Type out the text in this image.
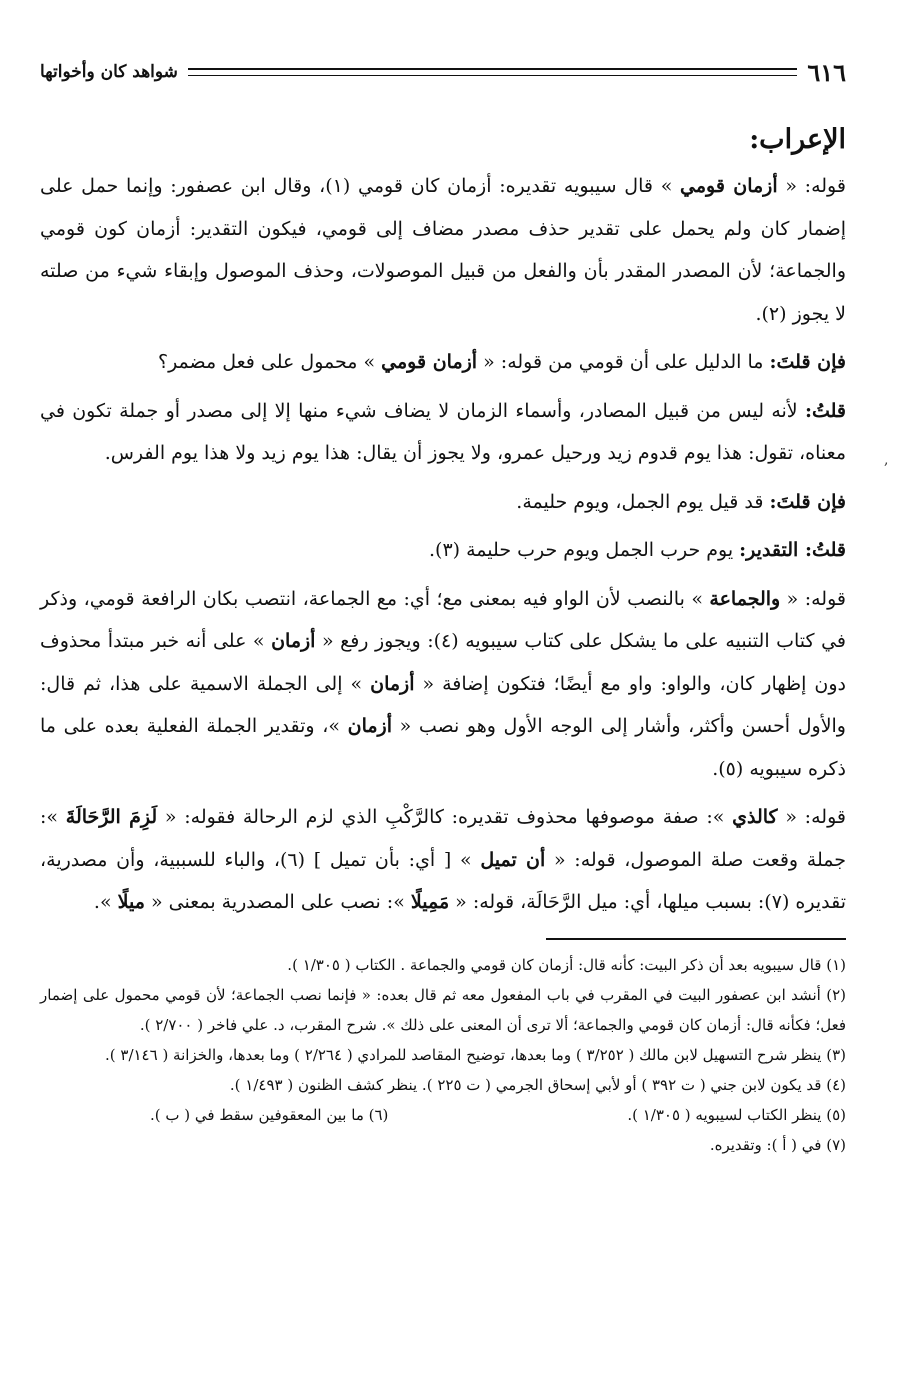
,
٦١٦
شواهد كان وأخواتها
الإعراب:

قوله: « أزمان قومي » قال سيبويه تقديره: أزمان كان قومي (١)، وقال ابن عصفور: وإنما حمل على إضمار كان ولم يحمل على تقدير حذف مصدر مضاف إلى قومي، فيكون التقدير: أزمان كون قومي والجماعة؛ لأن المصدر المقدر بأن والفعل من قبيل الموصولات، وحذف الموصول وإبقاء شيء من صلته لا يجوز (٢).

فإن قلتَ: ما الدليل على أن قومي من قوله: « أزمان قومي » محمول على فعل مضمر؟

قلتُ: لأنه ليس من قبيل المصادر، وأسماء الزمان لا يضاف شيء منها إلا إلى مصدر أو جملة تكون في معناه، تقول: هذا يوم قدوم زيد ورحيل عمرو، ولا يجوز أن يقال: هذا يوم زيد ولا هذا يوم الفرس.

فإن قلتَ: قد قيل يوم الجمل، ويوم حليمة.

قلتُ: التقدير: يوم حرب الجمل ويوم حرب حليمة (٣).

قوله: « والجماعة » بالنصب لأن الواو فيه بمعنى مع؛ أي: مع الجماعة، انتصب بكان الرافعة قومي، وذكر في كتاب التنبيه على ما يشكل على كتاب سيبويه (٤): ويجوز رفع « أزمان » على أنه خبر مبتدأ محذوف دون إظهار كان، والواو: واو مع أيضًا؛ فتكون إضافة « أزمان » إلى الجملة الاسمية على هذا، ثم قال: والأول أحسن وأكثر، وأشار إلى الوجه الأول وهو نصب « أزمان »، وتقدير الجملة الفعلية بعده على ما ذكره سيبويه (٥).

قوله: « كالذي »: صفة موصوفها محذوف تقديره: كالرَّكْبِ الذي لزم الرحالة فقوله: « لَزِمَ الرَّحَالَةَ »: جملة وقعت صلة الموصول، قوله: « أن تميل » [ أي: بأن تميل ] (٦)، والباء للسببية، وأن مصدرية، تقديره (٧): بسبب ميلها، أي: ميل الرَّحَالَة، قوله: « مَمِيلًا »: نصب على المصدرية بمعنى « ميلًا ».

(١) قال سيبويه بعد أن ذكر البيت: كأنه قال: أزمان كان قومي والجماعة . الكتاب ( ١/٣٠٥ ).

(٢) أنشد ابن عصفور البيت في المقرب في باب المفعول معه ثم قال بعده: « فإنما نصب الجماعة؛ لأن قومي محمول على إضمار فعل؛ فكأنه قال: أزمان كان قومي والجماعة؛ ألا ترى أن المعنى على ذلك ». شرح المقرب، د. علي فاخر ( ٢/٧٠٠ ).

(٣) ينظر شرح التسهيل لابن مالك ( ٣/٢٥٢ ) وما بعدها، توضيح المقاصد للمرادي ( ٢/٢٦٤ ) وما بعدها، والخزانة ( ٣/١٤٦ ).

(٤) قد يكون لابن جني ( ت ٣٩٢ ) أو لأبي إسحاق الجرمي ( ت ٢٢٥ ). ينظر كشف الظنون ( ١/٤٩٣ ).

(٥) ينظر الكتاب لسيبويه ( ١/٣٠٥ ).

(٦) ما بين المعقوفين سقط في ( ب ).

(٧) في ( أ ): وتقديره.
